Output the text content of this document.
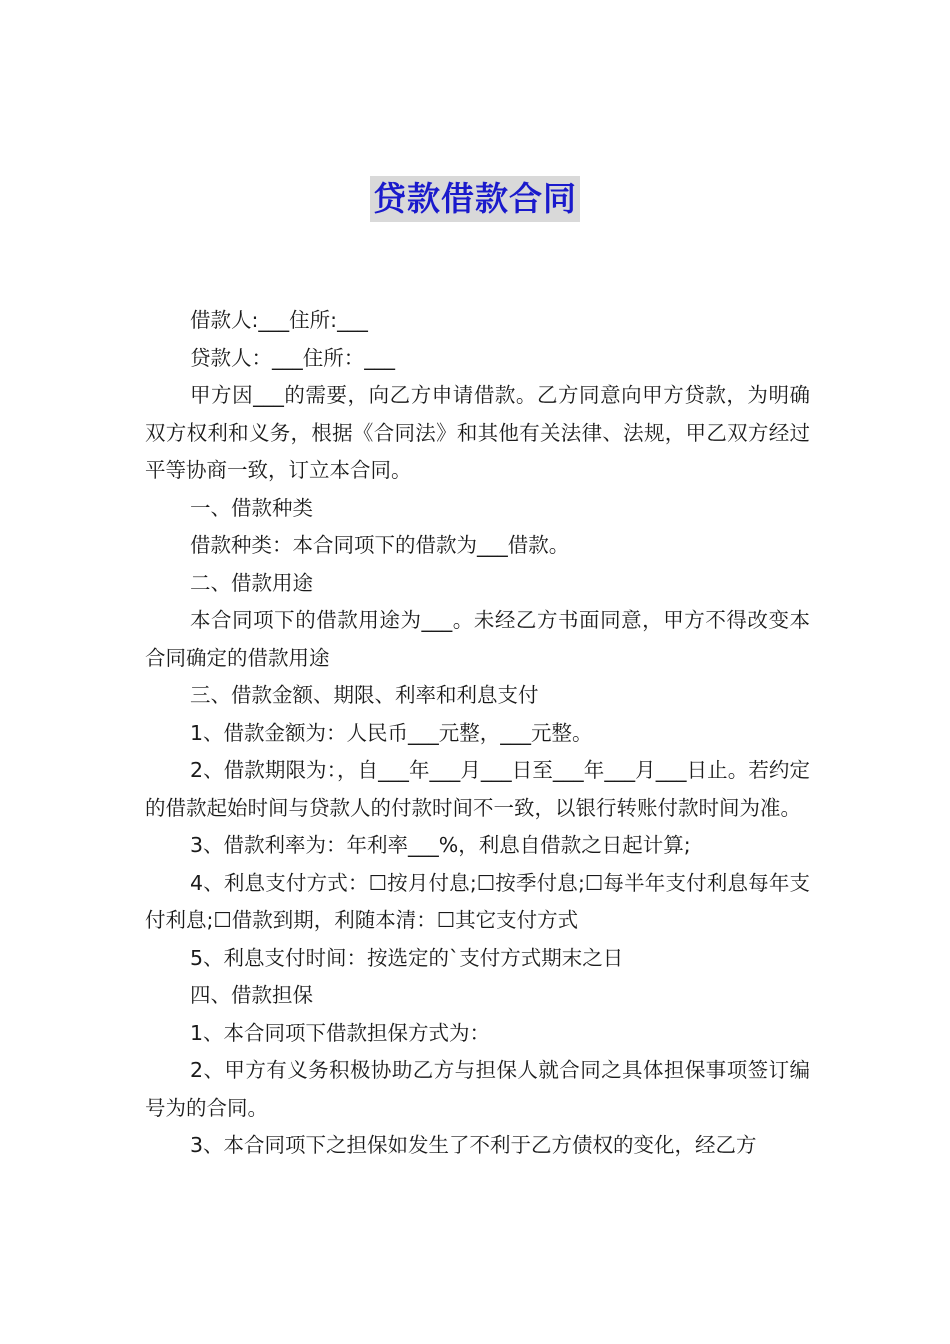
贷款借款合同

借款人:___住所:___

贷款人：___住所：___

甲方因___的需要，向乙方申请借款。乙方同意向甲方贷款，为明确双方权利和义务，根据《合同法》和其他有关法律、法规，甲乙双方经过平等协商一致，订立本合同。

一、借款种类

借款种类：本合同项下的借款为___借款。

二、借款用途

本合同项下的借款用途为___。未经乙方书面同意，甲方不得改变本合同确定的借款用途

三、借款金额、期限、利率和利息支付

1、借款金额为：人民币___元整，___元整。

2、借款期限为：，自___年___月___日至___年___月___日止。若约定的借款起始时间与贷款人的付款时间不一致，以银行转账付款时间为准。

3、借款利率为：年利率___%，利息自借款之日起计算;

4、利息支付方式：☐按月付息;☐按季付息;☐每半年支付利息每年支付利息;☐借款到期，利随本清：☐其它支付方式

5、利息支付时间：按选定的`支付方式期末之日

四、借款担保

1、本合同项下借款担保方式为：

2、甲方有义务积极协助乙方与担保人就合同之具体担保事项签订编号为的合同。

3、本合同项下之担保如发生了不利于乙方债权的变化，经乙方
